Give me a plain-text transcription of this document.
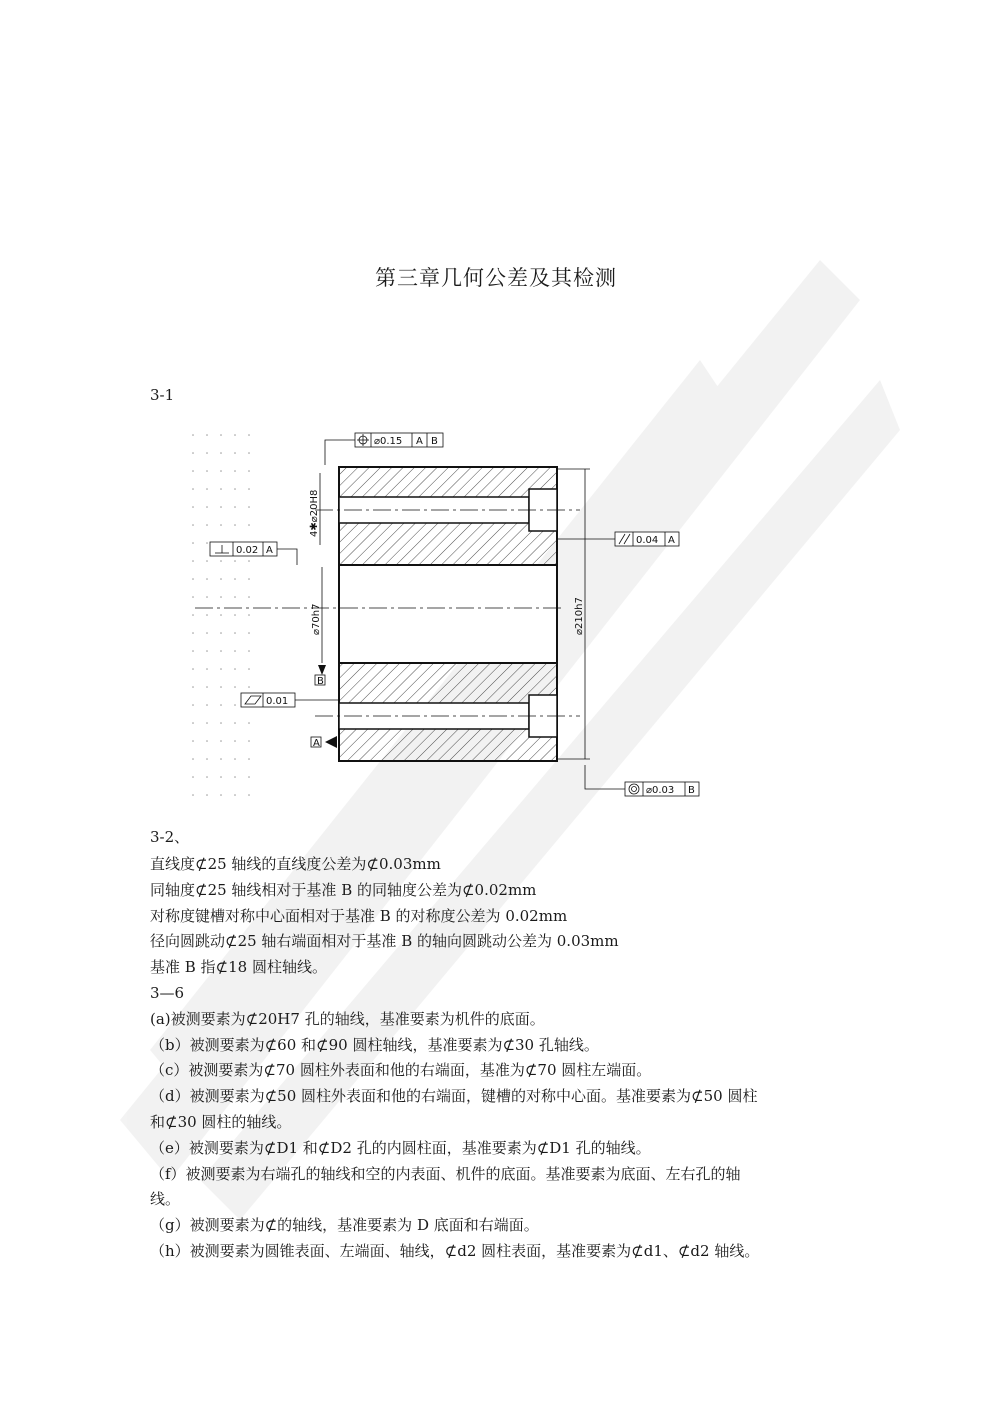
第三章几何公差及其检测
3-1
4✱⌀20H8
⌀70h7	⌀210h7
B
A
⌀0.15 A B
0.02 A
0.04 A
0.01
⌀0.03 B
3-2、
直线度⊄25 轴线的直线度公差为⊄0.03mm
同轴度⊄25 轴线相对于基准 B 的同轴度公差为⊄0.02mm
对称度键槽对称中心面相对于基准 B 的对称度公差为 0.02mm
径向圆跳动⊄25 轴右端面相对于基准 B 的轴向圆跳动公差为 0.03mm
基准 B 指⊄18 圆柱轴线。
3—6
(a)被测要素为⊄20H7 孔的轴线，基准要素为机件的底面。
（b）被测要素为⊄60 和⊄90 圆柱轴线，基准要素为⊄30 孔轴线。
（c）被测要素为⊄70 圆柱外表面和他的右端面，基准为⊄70 圆柱左端面。
（d）被测要素为⊄50 圆柱外表面和他的右端面，键槽的对称中心面。基准要素为⊄50 圆柱
和⊄30 圆柱的轴线。
（e）被测要素为⊄D1 和⊄D2 孔的内圆柱面，基准要素为⊄D1 孔的轴线。
（f）被测要素为右端孔的轴线和空的内表面、机件的底面。基准要素为底面、左右孔的轴
线。
（g）被测要素为⊄的轴线，基准要素为 D 底面和右端面。
（h）被测要素为圆锥表面、左端面、轴线，⊄d2 圆柱表面，基准要素为⊄d1、⊄d2 轴线。
